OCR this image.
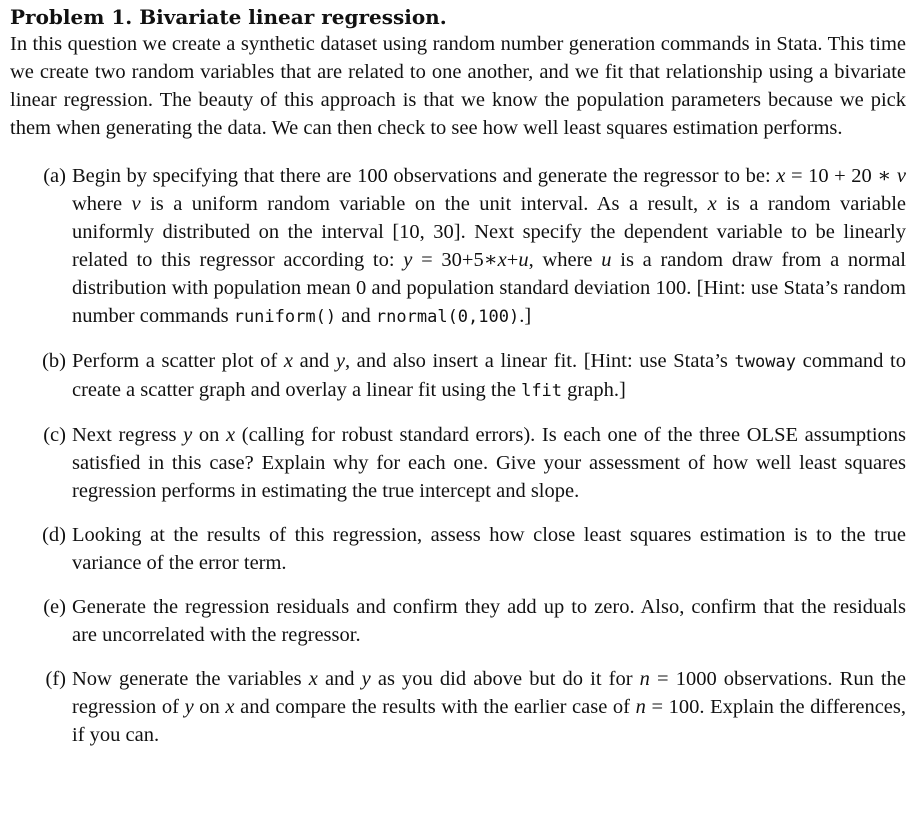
Problem 1. Bivariate linear regression.

In this question we create a synthetic dataset using random number generation commands in Stata. This time we create two random variables that are related to one another, and we fit that relationship using a bivariate linear regression. The beauty of this approach is that we know the population parameters because we pick them when generating the data. We can then check to see how well least squares estimation performs.

(a) Begin by specifying that there are 100 observations and generate the regressor to be: x = 10 + 20 ∗ v where v is a uniform random variable on the unit interval. As a result, x is a random variable uniformly distributed on the interval [10, 30]. Next specify the dependent variable to be linearly related to this regressor according to: y = 30+5∗x+u, where u is a random draw from a normal distribution with population mean 0 and population standard deviation 100. [Hint: use Stata’s random number commands runiform() and rnormal(0,100).]
(b) Perform a scatter plot of x and y, and also insert a linear fit. [Hint: use Stata’s twoway command to create a scatter graph and overlay a linear fit using the lfit graph.]
(c) Next regress y on x (calling for robust standard errors). Is each one of the three OLSE assumptions satisfied in this case? Explain why for each one. Give your assessment of how well least squares regression performs in estimating the true intercept and slope.
(d) Looking at the results of this regression, assess how close least squares estimation is to the true variance of the error term.
(e) Generate the regression residuals and confirm they add up to zero. Also, confirm that the residuals are uncorrelated with the regressor.
(f) Now generate the variables x and y as you did above but do it for n = 1000 observations. Run the regression of y on x and compare the results with the earlier case of n = 100. Explain the differences, if you can.
